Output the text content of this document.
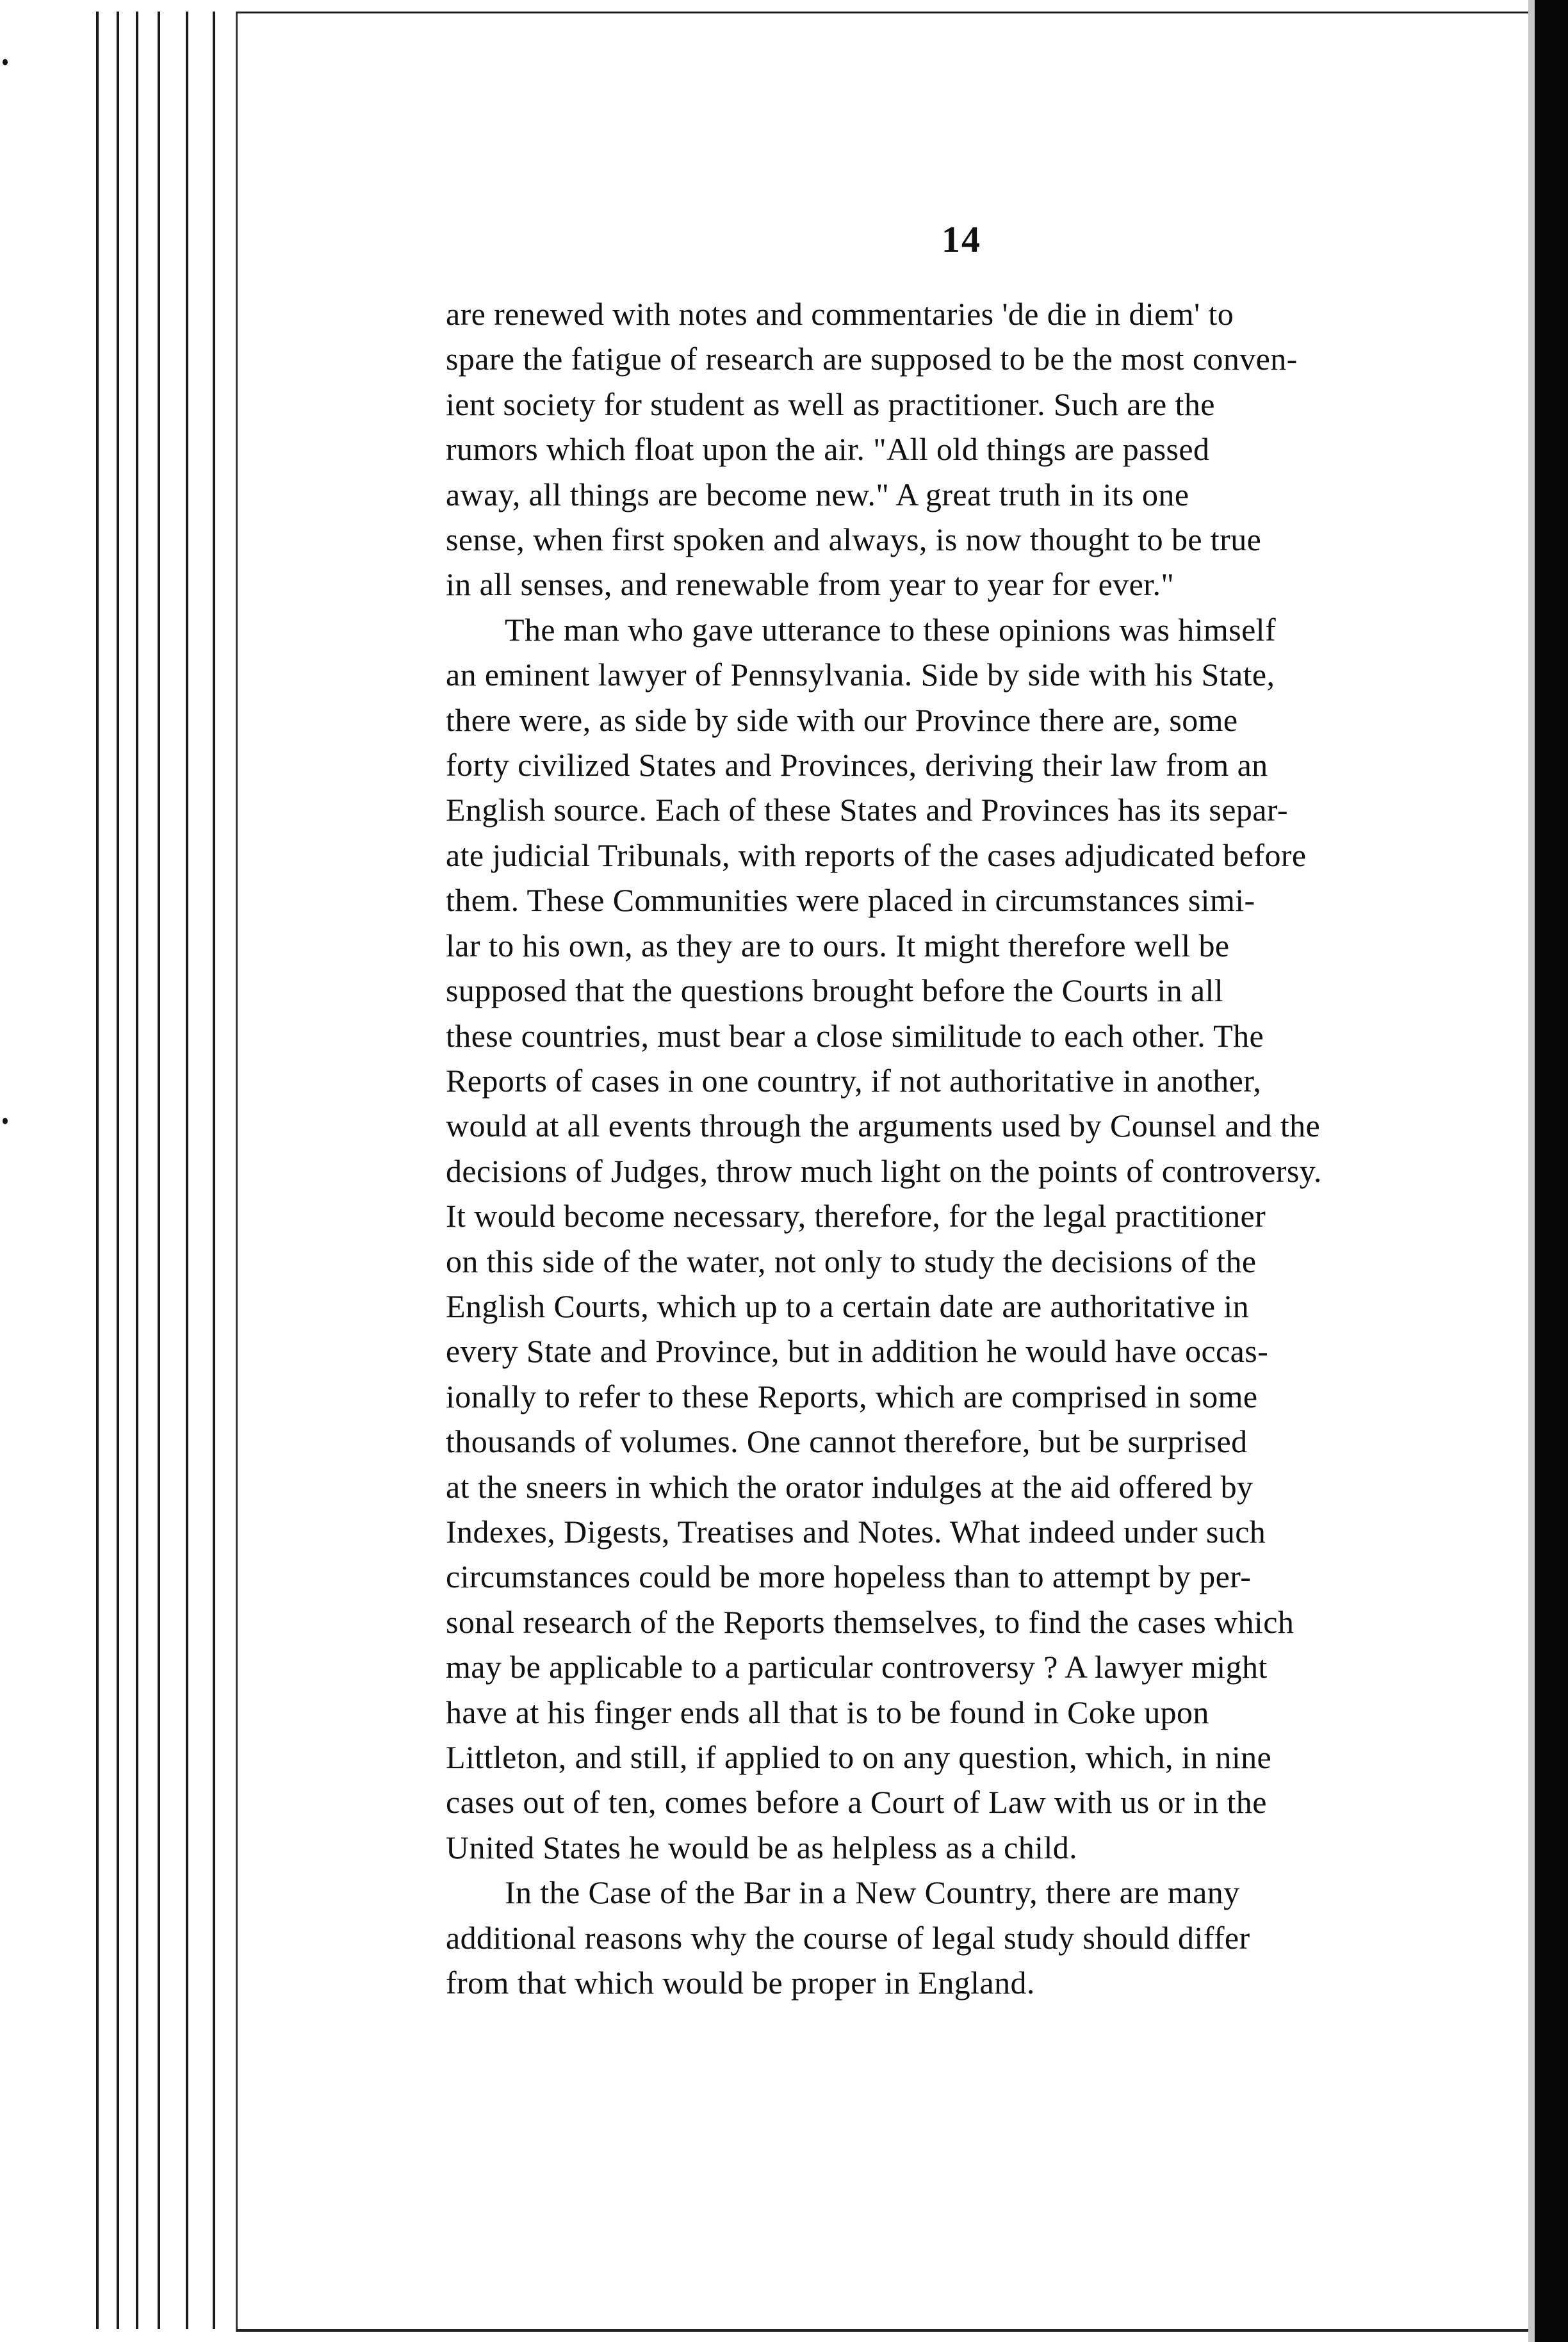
14

are renewed with notes and commentaries 'de die in diem' to
spare the fatigue of research are supposed to be the most conven-
ient society for student as well as practitioner. Such are the
rumors which float upon the air. "All old things are passed
away, all things are become new." A great truth in its one
sense, when first spoken and always, is now thought to be true
in all senses, and renewable from year to year for ever."

The man who gave utterance to these opinions was himself
an eminent lawyer of Pennsylvania. Side by side with his State,
there were, as side by side with our Province there are, some
forty civilized States and Provinces, deriving their law from an
English source. Each of these States and Provinces has its separ-
ate judicial Tribunals, with reports of the cases adjudicated before
them. These Communities were placed in circumstances simi-
lar to his own, as they are to ours. It might therefore well be
supposed that the questions brought before the Courts in all
these countries, must bear a close similitude to each other. The
Reports of cases in one country, if not authoritative in another,
would at all events through the arguments used by Counsel and the
decisions of Judges, throw much light on the points of controversy.
It would become necessary, therefore, for the legal practitioner
on this side of the water, not only to study the decisions of the
English Courts, which up to a certain date are authoritative in
every State and Province, but in addition he would have occas-
ionally to refer to these Reports, which are comprised in some
thousands of volumes. One cannot therefore, but be surprised
at the sneers in which the orator indulges at the aid offered by
Indexes, Digests, Treatises and Notes. What indeed under such
circumstances could be more hopeless than to attempt by per-
sonal research of the Reports themselves, to find the cases which
may be applicable to a particular controversy ? A lawyer might
have at his finger ends all that is to be found in Coke upon
Littleton, and still, if applied to on any question, which, in nine
cases out of ten, comes before a Court of Law with us or in the
United States he would be as helpless as a child.

In the Case of the Bar in a New Country, there are many
additional reasons why the course of legal study should differ
from that which would be proper in England.
